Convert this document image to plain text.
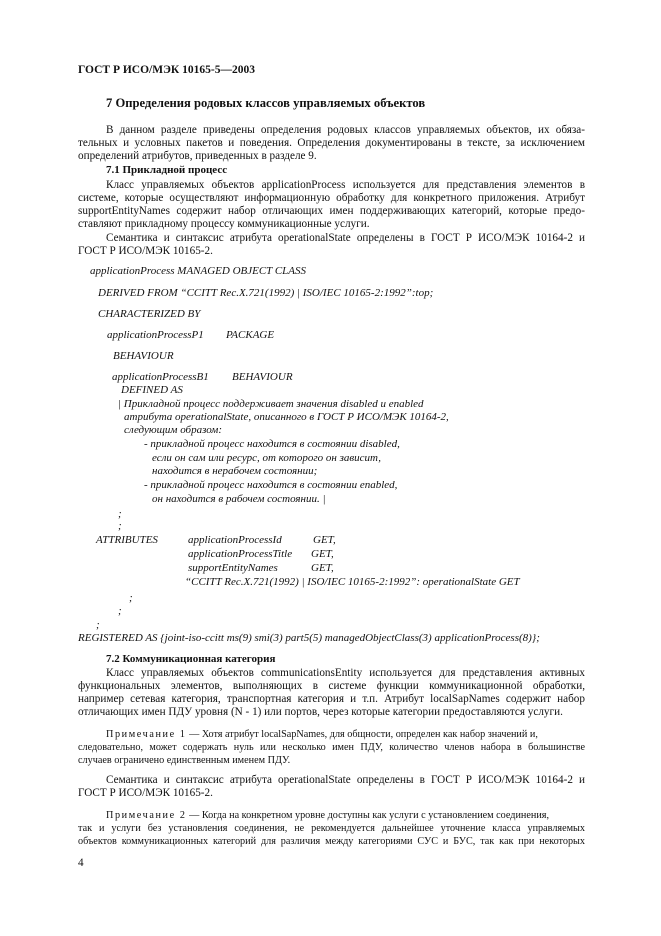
ГОСТ Р ИСО/МЭК 10165-5—2003
7 Определения родовых классов управляемых объектов
В данном разделе приведены определения родовых классов управляемых объектов, их обяза-
тельных и условных пакетов и поведения. Определения документированы в тексте, за исключением
определений атрибутов, приведенных в разделе 9.
7.1 Прикладной процесс
Класс управляемых объектов applicationProcess используется для представления элементов в
системе, которые осуществляют информационную обработку для конкретного приложения. Атрибут
supportEntityNames содержит набор отличающих имен поддерживающих категорий, которые предо-
ставляют прикладному процессу коммуникационные услуги.
Семантика и синтаксис атрибута operationalState определены в ГОСТ Р ИСО/МЭК 10164-2 и
ГОСТ Р ИСО/МЭК 10165-2.
applicationProcess MANAGED OBJECT CLASS
DERIVED FROM “CCITT Rec.X.721(1992) | ISO/IEC 10165-2:1992”:top;
CHARACTERIZED BY
applicationProcessP1 PACKAGE
BEHAVIOUR
applicationProcessB1 BEHAVIOUR
DEFINED AS
| Прикладной процесс поддерживает значения disabled и enabled
атрибута operationalState, описанного в ГОСТ Р ИСО/МЭК 10164-2,
следующим образом:
- прикладной процесс находится в состоянии disabled,
если он сам или ресурс, от которого он зависит,
находится в нерабочем состоянии;
- прикладной процесс находится в состоянии enabled,
он находится в рабочем состоянии. |
;
;
ATTRIBUTES	applicationProcessId	GET,
applicationProcessTitle GET,
supportEntityNames	GET,
“CCITT Rec.X.721(1992) | ISO/IEC 10165-2:1992”: operationalState GET
;
;
;
REGISTERED AS {joint-iso-ccitt ms(9) smi(3) part5(5) managedObjectClass(3) applicationProcess(8)};
7.2 Коммуникационная категория
Класс управляемых объектов communicationsEntity используется для представления активных
функциональных элементов, выполняющих в системе функции коммуникационной обработки,
например сетевая категория, транспортная категория и т.п. Атрибут localSapNames содержит набор
отличающих имен ПДУ уровня (N - 1) или портов, через которые категории предоставляются услуги.
Примечание 1 — Хотя атрибут localSapNames, для общности, определен как набор значений и,
следовательно, может содержать нуль или несколько имен ПДУ, количество членов набора в большинстве
случаев ограничено единственным именем ПДУ.
Семантика и синтаксис атрибута operationalState определены в ГОСТ Р ИСО/МЭК 10164-2 и
ГОСТ Р ИСО/МЭК 10165-2.
Примечание 2 — Когда на конкретном уровне доступны как услуги с установлением соединения,
так и услуги без установления соединения, не рекомендуется дальнейшее уточнение класса управляемых
объектов коммуникационных категорий для различия между категориями СУС и БУС, так как при некоторых
4
